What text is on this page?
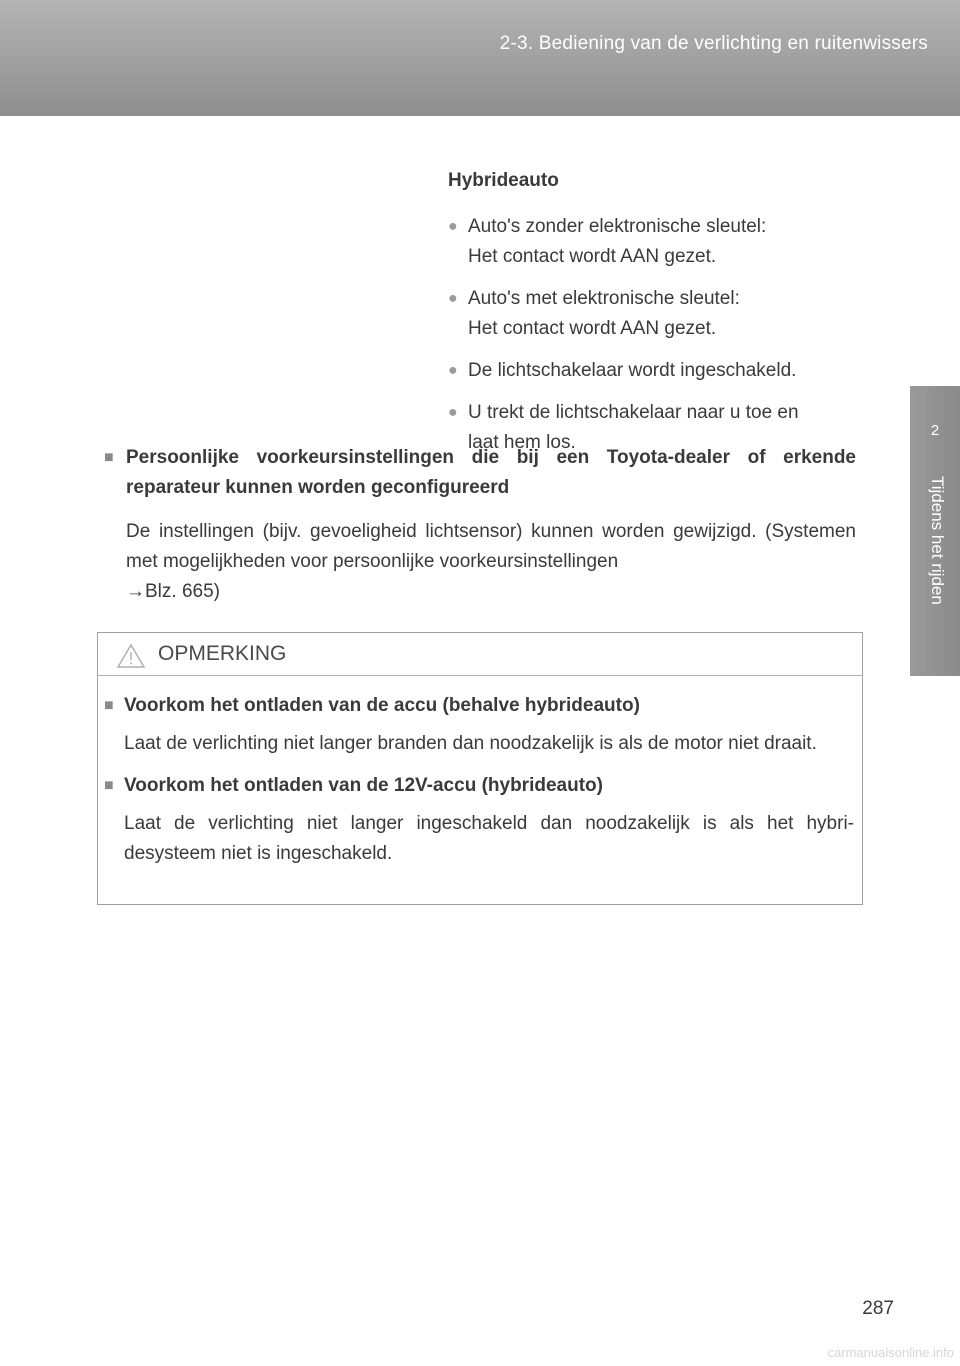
2-3. Bediening van de verlichting en ruitenwissers
2
Tijdens het rijden
Hybrideauto
● Auto's zonder elektronische sleutel:
Het contact wordt AAN gezet.
● Auto's met elektronische sleutel:
Het contact wordt AAN gezet.
● De lichtschakelaar wordt ingeschakeld.
● U trekt de lichtschakelaar naar u toe en
laat hem los.
■ Persoonlijke voorkeursinstellingen die bij een Toyota-dealer of erkende reparateur kunnen worden geconfigureerd
De instellingen (bijv. gevoeligheid lichtsensor) kunnen worden gewijzigd. (Systemen met mogelijkheden voor persoonlijke voorkeursinstellingen
→Blz. 665)
OPMERKING
■ Voorkom het ontladen van de accu (behalve hybrideauto)
Laat de verlichting niet langer branden dan noodzakelijk is als de motor niet draait.
■ Voorkom het ontladen van de 12V-accu (hybrideauto)
Laat de verlichting niet langer ingeschakeld dan noodzakelijk is als het hybri-desysteem niet is ingeschakeld.
287
carmanualsonline.info
